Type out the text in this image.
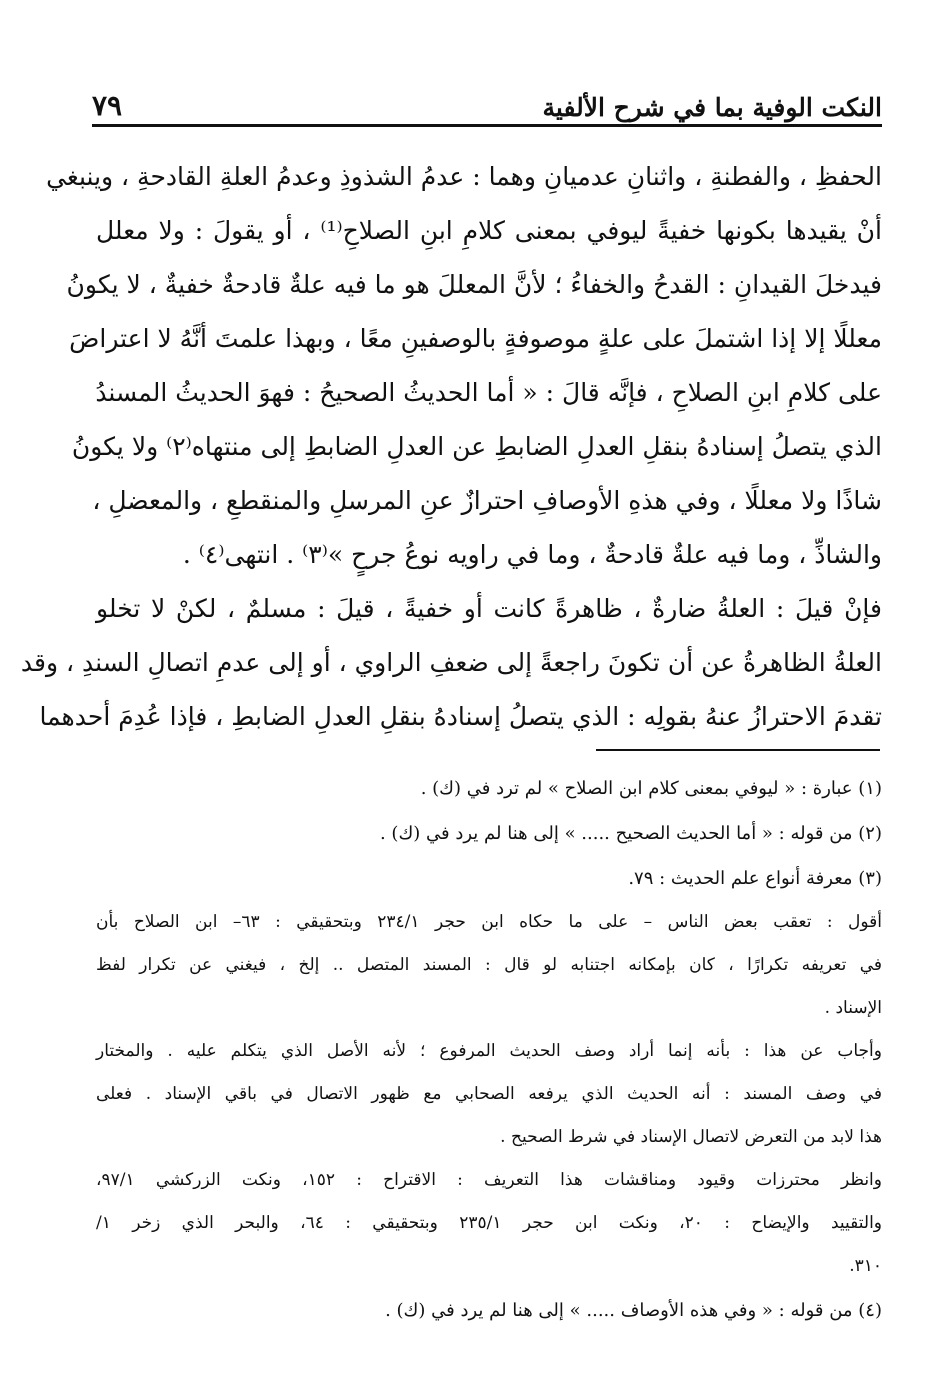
النكت الوفية بما في شرح الألفية
٧٩
الحفظِ ، والفطنةِ ، واثنانِ عدميانِ وهما : عدمُ الشذوذِ وعدمُ العلةِ القادحةِ ، وينبغي
أنْ يقيدها بكونها خفيةً ليوفي بمعنى كلامِ ابنِ الصلاحِ⁽¹⁾ ، أو يقولَ : ولا معلل
فيدخلَ القيدانِ : القدحُ والخفاءُ ؛ لأنَّ المعللَ هو ما فيه علةٌ قادحةٌ خفيةٌ ، لا يكونُ
معللًا إلا إذا اشتملَ على علةٍ موصوفةٍ بالوصفينِ معًا ، وبهذا علمتَ أنَّهُ لا اعتراضَ
على كلامِ ابنِ الصلاحِ ، فإنَّه قالَ : « أما الحديثُ الصحيحُ : فهوَ الحديثُ المسندُ
الذي يتصلُ إسنادهُ بنقلِ العدلِ الضابطِ عن العدلِ الضابطِ إلى منتهاه⁽٢⁾ ولا يكونُ
شاذًا ولا معللًا ، وفي هذهِ الأوصافِ احترازٌ عنِ المرسلِ والمنقطعِ ، والمعضلِ ،
والشاذِّ ، وما فيه علةٌ قادحةٌ ، وما في راويه نوعُ جرحٍ »⁽٣⁾ . انتهى⁽٤⁾ .
فإنْ قيلَ : العلةُ ضارةٌ ، ظاهرةً كانت أو خفيةً ، قيلَ : مسلمٌ ، لكنْ لا تخلو
العلةُ الظاهرةُ عن أن تكونَ راجعةً إلى ضعفِ الراوي ، أو إلى عدمِ اتصالِ السندِ ، وقد
تقدمَ الاحترازُ عنهُ بقولِه : الذي يتصلُ إسنادهُ بنقلِ العدلِ الضابطِ ، فإذا عُدِمَ أحدهما
(١) عبارة : « ليوفي بمعنى كلام ابن الصلاح » لم ترد في (ك) .
(٢) من قوله : « أما الحديث الصحيح ..... » إلى هنا لم يرد في (ك) .
(٣) معرفة أنواع علم الحديث : ٧٩.
أقول : تعقب بعض الناس – على ما حكاه ابن حجر ٢٣٤/١ وبتحقيقي : ٦٣– ابن الصلاح بأن
في تعريفه تكرارًا ، كان بإمكانه اجتنابه لو قال : المسند المتصل .. إلخ ، فيغني عن تكرار لفظ
الإسناد .
وأجاب عن هذا : بأنه إنما أراد وصف الحديث المرفوع ؛ لأنه الأصل الذي يتكلم عليه . والمختار
في وصف المسند : أنه الحديث الذي يرفعه الصحابي مع ظهور الاتصال في باقي الإسناد . فعلى
هذا لابد من التعرض لاتصال الإسناد في شرط الصحيح .
وانظر محترزات وقيود ومناقشات هذا التعريف : الاقتراح : ١٥٢، ونكت الزركشي ٩٧/١،
والتقييد والإيضاح : ٢٠، ونكت ابن حجر ٢٣٥/١ وبتحقيقي : ٦٤، والبحر الذي زخر ١/
٣١٠.
(٤) من قوله : « وفي هذه الأوصاف ..... » إلى هنا لم يرد في (ك) .
